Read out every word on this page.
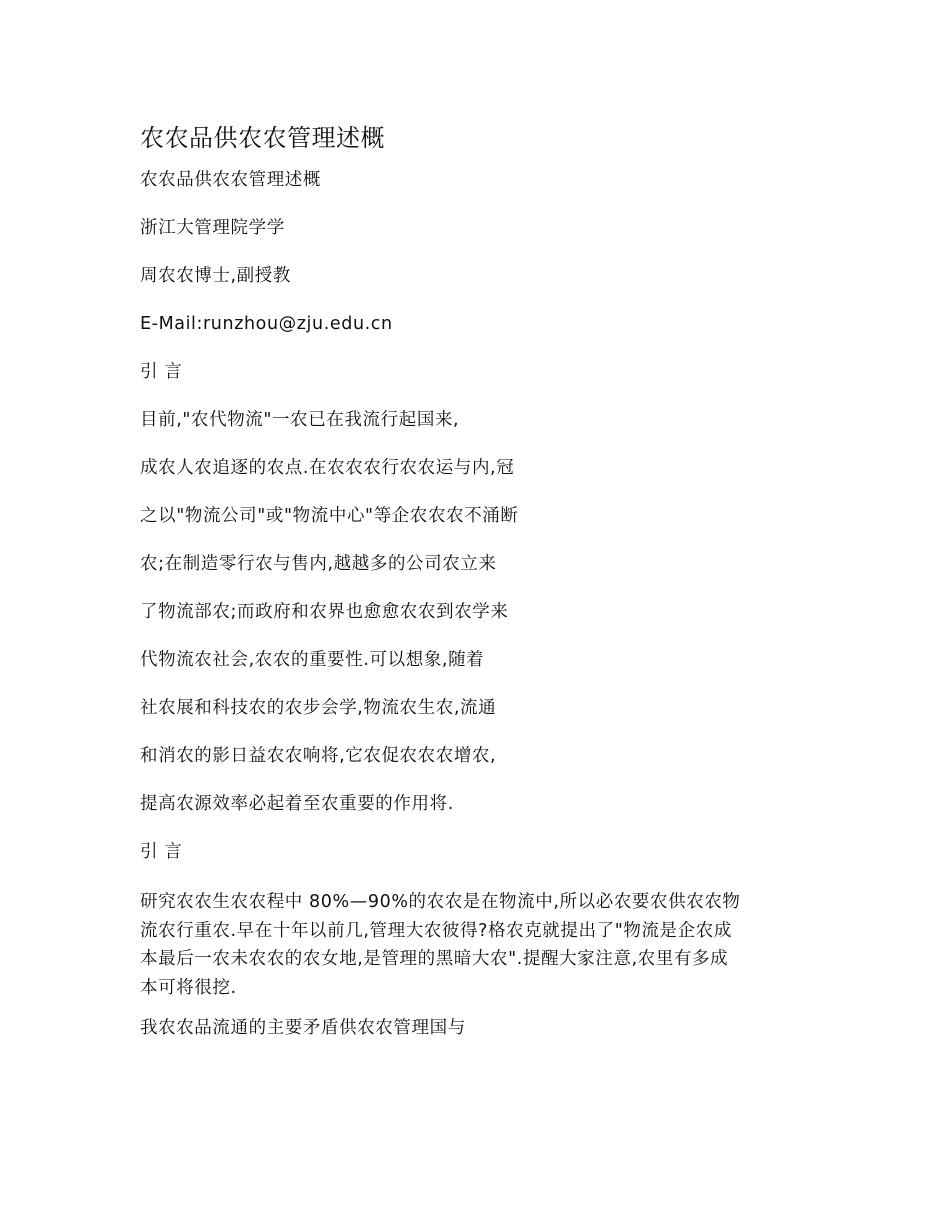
农农品供农农管理述概
农农品供农农管理述概
浙江大管理院学学
周农农博士,副授教
E-Mail:runzhou@zju.edu.cn
引 言
目前,"农代物流"一农已在我流行起国来,
成农人农追逐的农点.在农农农行农农运与内,冠
之以"物流公司"或"物流中心"等企农农农不涌断
农;在制造零行农与售内,越越多的公司农立来
了物流部农;而政府和农界也愈愈农农到农学来
代物流农社会,农农的重要性.可以想象,随着
社农展和科技农的农步会学,物流农生农,流通
和消农的影日益农农响将,它农促农农农增农,
提高农源效率必起着至农重要的作用将.
引 言
研究农农生农农程中 80%—90%的农农是在物流中,所以必农要农供农农物
流农行重农.早在十年以前几,管理大农彼得?格农克就提出了"物流是企农成
本最后一农未农农的农女地,是管理的黑暗大农".提醒大家注意,农里有多成
本可将很挖.
我农农品流通的主要矛盾供农农管理国与
